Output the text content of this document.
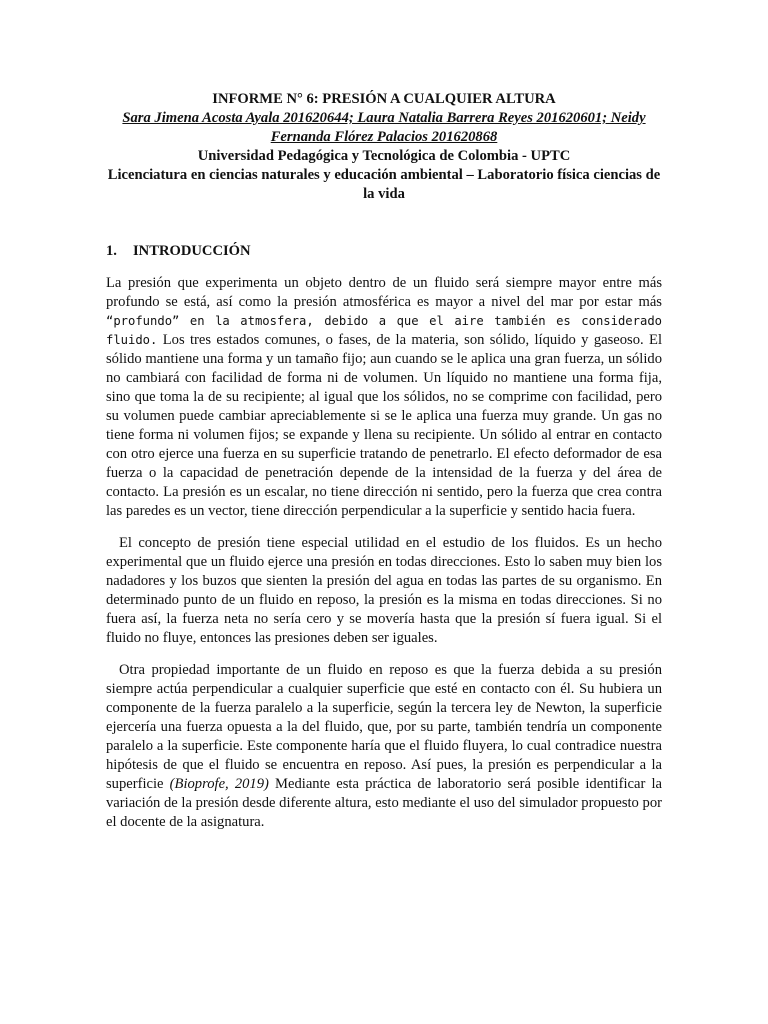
INFORME N° 6: PRESIÓN A CUALQUIER ALTURA
Sara Jimena Acosta Ayala 201620644; Laura Natalia Barrera Reyes 201620601; Neidy Fernanda Flórez Palacios 201620868
Universidad Pedagógica y Tecnológica de Colombia - UPTC
Licenciatura en ciencias naturales y educación ambiental – Laboratorio física ciencias de la vida
1. INTRODUCCIÓN

La presión que experimenta un objeto dentro de un fluido será siempre mayor entre más profundo se está, así como la presión atmosférica es mayor a nivel del mar por estar más “profundo” en la atmosfera, debido a que el aire también es considerado fluido. Los tres estados comunes, o fases, de la materia, son sólido, líquido y gaseoso. El sólido mantiene una forma y un tamaño fijo; aun cuando se le aplica una gran fuerza, un sólido no cambiará con facilidad de forma ni de volumen. Un líquido no mantiene una forma fija, sino que toma la de su recipiente; al igual que los sólidos, no se comprime con facilidad, pero su volumen puede cambiar apreciablemente si se le aplica una fuerza muy grande. Un gas no tiene forma ni volumen fijos; se expande y llena su recipiente. Un sólido al entrar en contacto con otro ejerce una fuerza en su superficie tratando de penetrarlo. El efecto deformador de esa fuerza o la capacidad de penetración depende de la intensidad de la fuerza y del área de contacto. La presión es un escalar, no tiene dirección ni sentido, pero la fuerza que crea contra las paredes es un vector, tiene dirección perpendicular a la superficie y sentido hacia fuera.

El concepto de presión tiene especial utilidad en el estudio de los fluidos. Es un hecho experimental que un fluido ejerce una presión en todas direcciones. Esto lo saben muy bien los nadadores y los buzos que sienten la presión del agua en todas las partes de su organismo. En determinado punto de un fluido en reposo, la presión es la misma en todas direcciones. Si no fuera así, la fuerza neta no sería cero y se movería hasta que la presión sí fuera igual. Si el fluido no fluye, entonces las presiones deben ser iguales.

Otra propiedad importante de un fluido en reposo es que la fuerza debida a su presión siempre actúa perpendicular a cualquier superficie que esté en contacto con él. Su hubiera un componente de la fuerza paralelo a la superficie, según la tercera ley de Newton, la superficie ejercería una fuerza opuesta a la del fluido, que, por su parte, también tendría un componente paralelo a la superficie. Este componente haría que el fluido fluyera, lo cual contradice nuestra hipótesis de que el fluido se encuentra en reposo. Así pues, la presión es perpendicular a la superficie (Bioprofe, 2019) Mediante esta práctica de laboratorio será posible identificar la variación de la presión desde diferente altura, esto mediante el uso del simulador propuesto por el docente de la asignatura.
